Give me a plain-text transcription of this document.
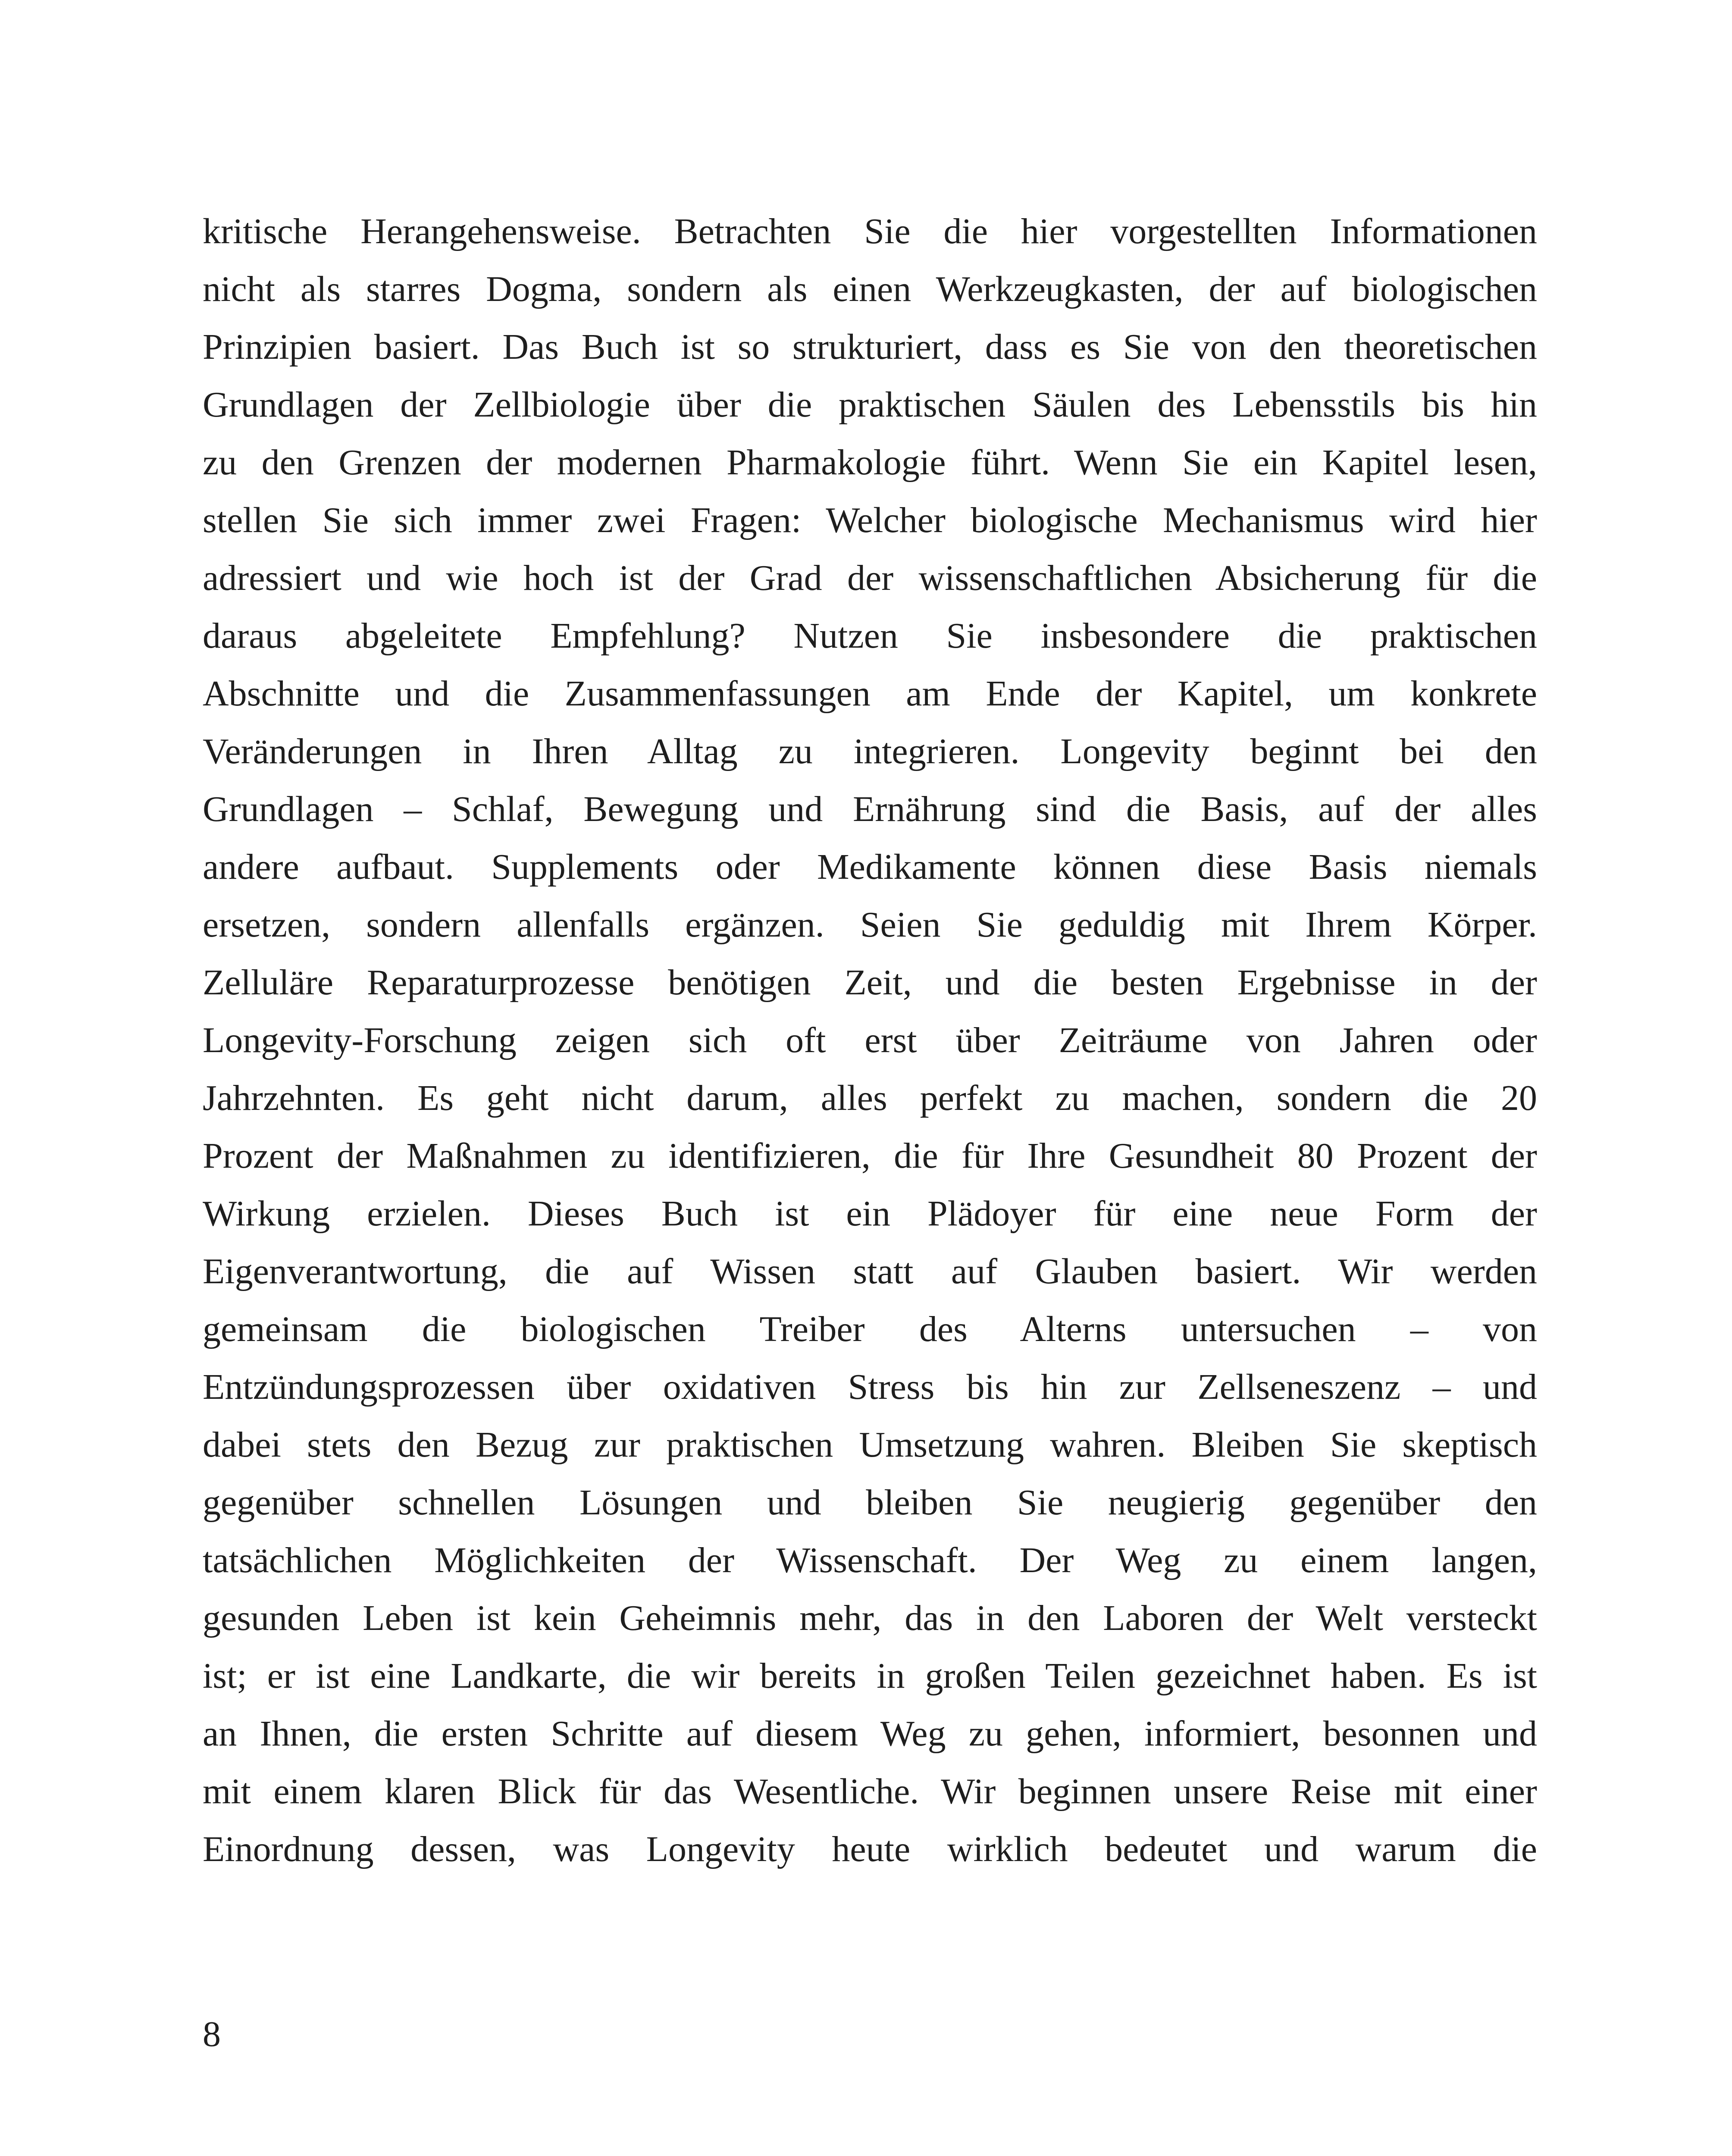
kritische Herangehensweise. Betrachten Sie die hier vorgestellten Informationen
nicht als starres Dogma, sondern als einen Werkzeugkasten, der auf biologischen
Prinzipien basiert. Das Buch ist so strukturiert, dass es Sie von den theoretischen
Grundlagen der Zellbiologie über die praktischen Säulen des Lebensstils bis hin
zu den Grenzen der modernen Pharmakologie führt. Wenn Sie ein Kapitel lesen,
stellen Sie sich immer zwei Fragen: Welcher biologische Mechanismus wird hier
adressiert und wie hoch ist der Grad der wissenschaftlichen Absicherung für die
daraus abgeleitete Empfehlung? Nutzen Sie insbesondere die praktischen
Abschnitte und die Zusammenfassungen am Ende der Kapitel, um konkrete
Veränderungen in Ihren Alltag zu integrieren. Longevity beginnt bei den
Grundlagen – Schlaf, Bewegung und Ernährung sind die Basis, auf der alles
andere aufbaut. Supplements oder Medikamente können diese Basis niemals
ersetzen, sondern allenfalls ergänzen. Seien Sie geduldig mit Ihrem Körper.
Zelluläre Reparaturprozesse benötigen Zeit, und die besten Ergebnisse in der
Longevity-Forschung zeigen sich oft erst über Zeiträume von Jahren oder
Jahrzehnten. Es geht nicht darum, alles perfekt zu machen, sondern die 20
Prozent der Maßnahmen zu identifizieren, die für Ihre Gesundheit 80 Prozent der
Wirkung erzielen. Dieses Buch ist ein Plädoyer für eine neue Form der
Eigenverantwortung, die auf Wissen statt auf Glauben basiert. Wir werden
gemeinsam die biologischen Treiber des Alterns untersuchen – von
Entzündungsprozessen über oxidativen Stress bis hin zur Zellseneszenz – und
dabei stets den Bezug zur praktischen Umsetzung wahren. Bleiben Sie skeptisch
gegenüber schnellen Lösungen und bleiben Sie neugierig gegenüber den
tatsächlichen Möglichkeiten der Wissenschaft. Der Weg zu einem langen,
gesunden Leben ist kein Geheimnis mehr, das in den Laboren der Welt versteckt
ist; er ist eine Landkarte, die wir bereits in großen Teilen gezeichnet haben. Es ist
an Ihnen, die ersten Schritte auf diesem Weg zu gehen, informiert, besonnen und
mit einem klaren Blick für das Wesentliche. Wir beginnen unsere Reise mit einer
Einordnung dessen, was Longevity heute wirklich bedeutet und warum die
8
